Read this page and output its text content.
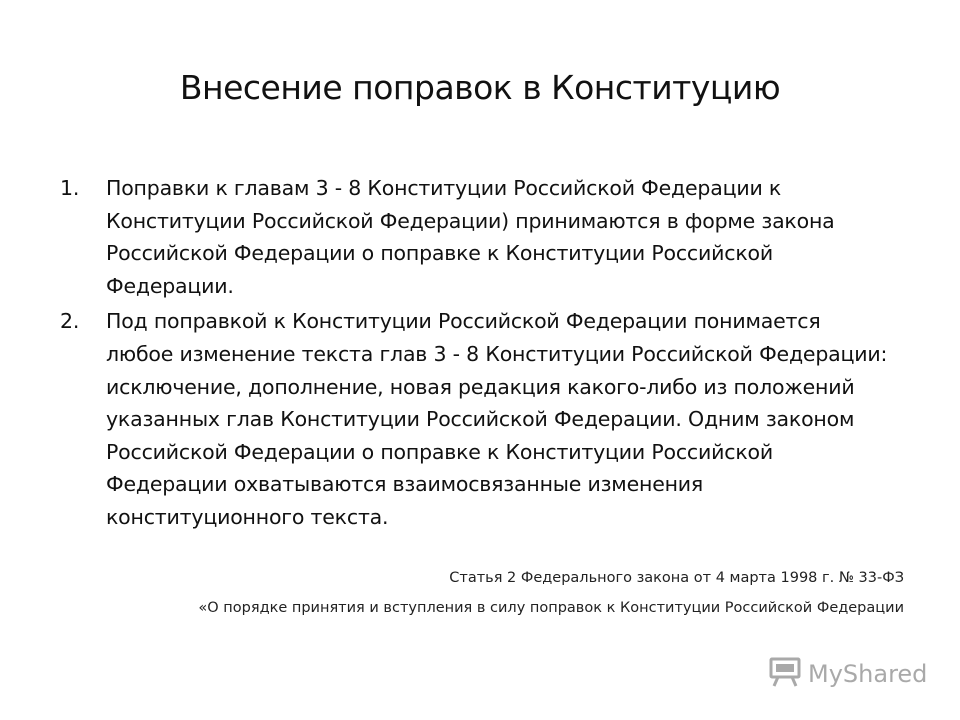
Внесение поправок в Конституцию
1. Поправки к главам 3 - 8 Конституции Российской Федерации к Конституции Российской Федерации) принимаются в форме закона Российской Федерации о поправке к Конституции Российской Федерации.
2. Под поправкой к Конституции Российской Федерации понимается любое изменение текста глав 3 - 8 Конституции Российской Федерации: исключение, дополнение, новая редакция какого-либо из положений указанных глав Конституции Российской Федерации. Одним законом Российской Федерации о поправке к Конституции Российской Федерации охватываются взаимосвязанные изменения конституционного текста.
Статья 2 Федерального закона от 4 марта 1998 г. № 33-ФЗ
«О порядке принятия и вступления в силу поправок к Конституции Российской Федерации
MyShared
